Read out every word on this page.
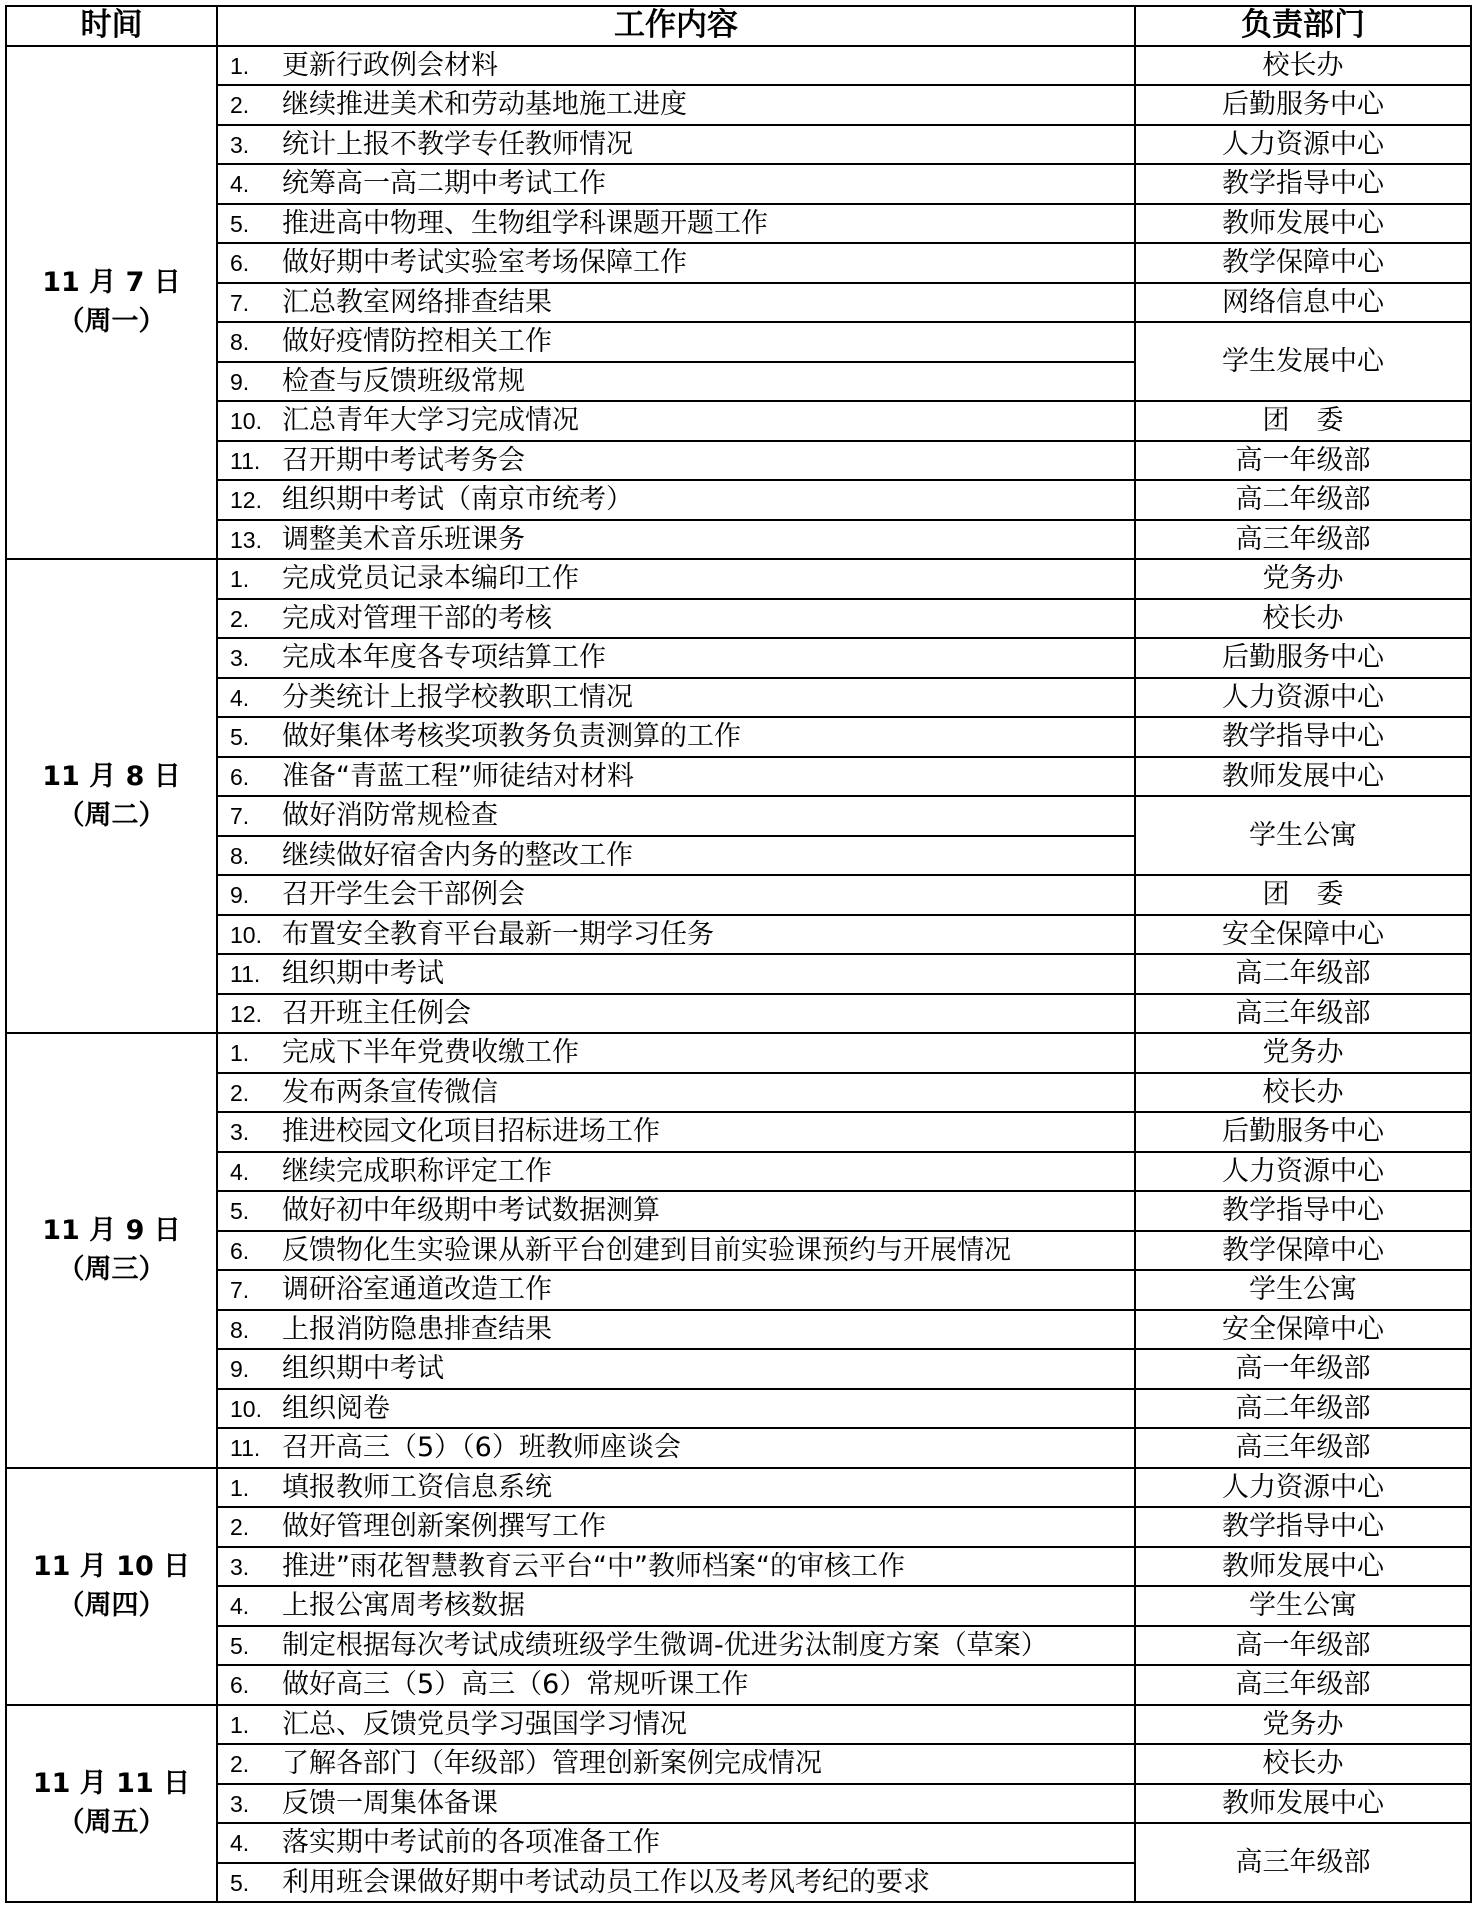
时间	工作内容	负责部门

11 月 7 日
（周一）	1. 更新行政例会材料	校长办
	2. 继续推进美术和劳动基地施工进度	后勤服务中心
	3. 统计上报不教学专任教师情况	人力资源中心
	4. 统筹高一高二期中考试工作	教学指导中心
	5. 推进高中物理、生物组学科课题开题工作	教师发展中心
	6. 做好期中考试实验室考场保障工作	教学保障中心
	7. 汇总教室网络排查结果	网络信息中心
	8. 做好疫情防控相关工作	学生发展中心
	9. 检查与反馈班级常规	
	10. 汇总青年大学习完成情况	团　委
	11. 召开期中考试考务会	高一年级部
	12. 组织期中考试（南京市统考）	高二年级部
	13. 调整美术音乐班课务	高三年级部

11 月 8 日
（周二）	1. 完成党员记录本编印工作	党务办
	2. 完成对管理干部的考核	校长办
	3. 完成本年度各专项结算工作	后勤服务中心
	4. 分类统计上报学校教职工情况	人力资源中心
	5. 做好集体考核奖项教务负责测算的工作	教学指导中心
	6. 准备“青蓝工程”师徒结对材料	教师发展中心
	7. 做好消防常规检查	学生公寓
	8. 继续做好宿舍内务的整改工作	
	9. 召开学生会干部例会	团　委
	10. 布置安全教育平台最新一期学习任务	安全保障中心
	11. 组织期中考试	高二年级部
	12. 召开班主任例会	高三年级部

11 月 9 日
（周三）	1. 完成下半年党费收缴工作	党务办
	2. 发布两条宣传微信	校长办
	3. 推进校园文化项目招标进场工作	后勤服务中心
	4. 继续完成职称评定工作	人力资源中心
	5. 做好初中年级期中考试数据测算	教学指导中心
	6. 反馈物化生实验课从新平台创建到目前实验课预约与开展情况	教学保障中心
	7. 调研浴室通道改造工作	学生公寓
	8. 上报消防隐患排查结果	安全保障中心
	9. 组织期中考试	高一年级部
	10. 组织阅卷	高二年级部
	11. 召开高三（5）（6）班教师座谈会	高三年级部

11 月 10 日
（周四）	1. 填报教师工资信息系统	人力资源中心
	2. 做好管理创新案例撰写工作	教学指导中心
	3. 推进”雨花智慧教育云平台“中”教师档案“的审核工作	教师发展中心
	4. 上报公寓周考核数据	学生公寓
	5. 制定根据每次考试成绩班级学生微调-优进劣汰制度方案（草案）	高一年级部
	6. 做好高三（5）高三（6）常规听课工作	高三年级部

11 月 11 日
（周五）	1. 汇总、反馈党员学习强国学习情况	党务办
	2. 了解各部门（年级部）管理创新案例完成情况	校长办
	3. 反馈一周集体备课	教师发展中心
	4. 落实期中考试前的各项准备工作	高三年级部
	5. 利用班会课做好期中考试动员工作以及考风考纪的要求	
